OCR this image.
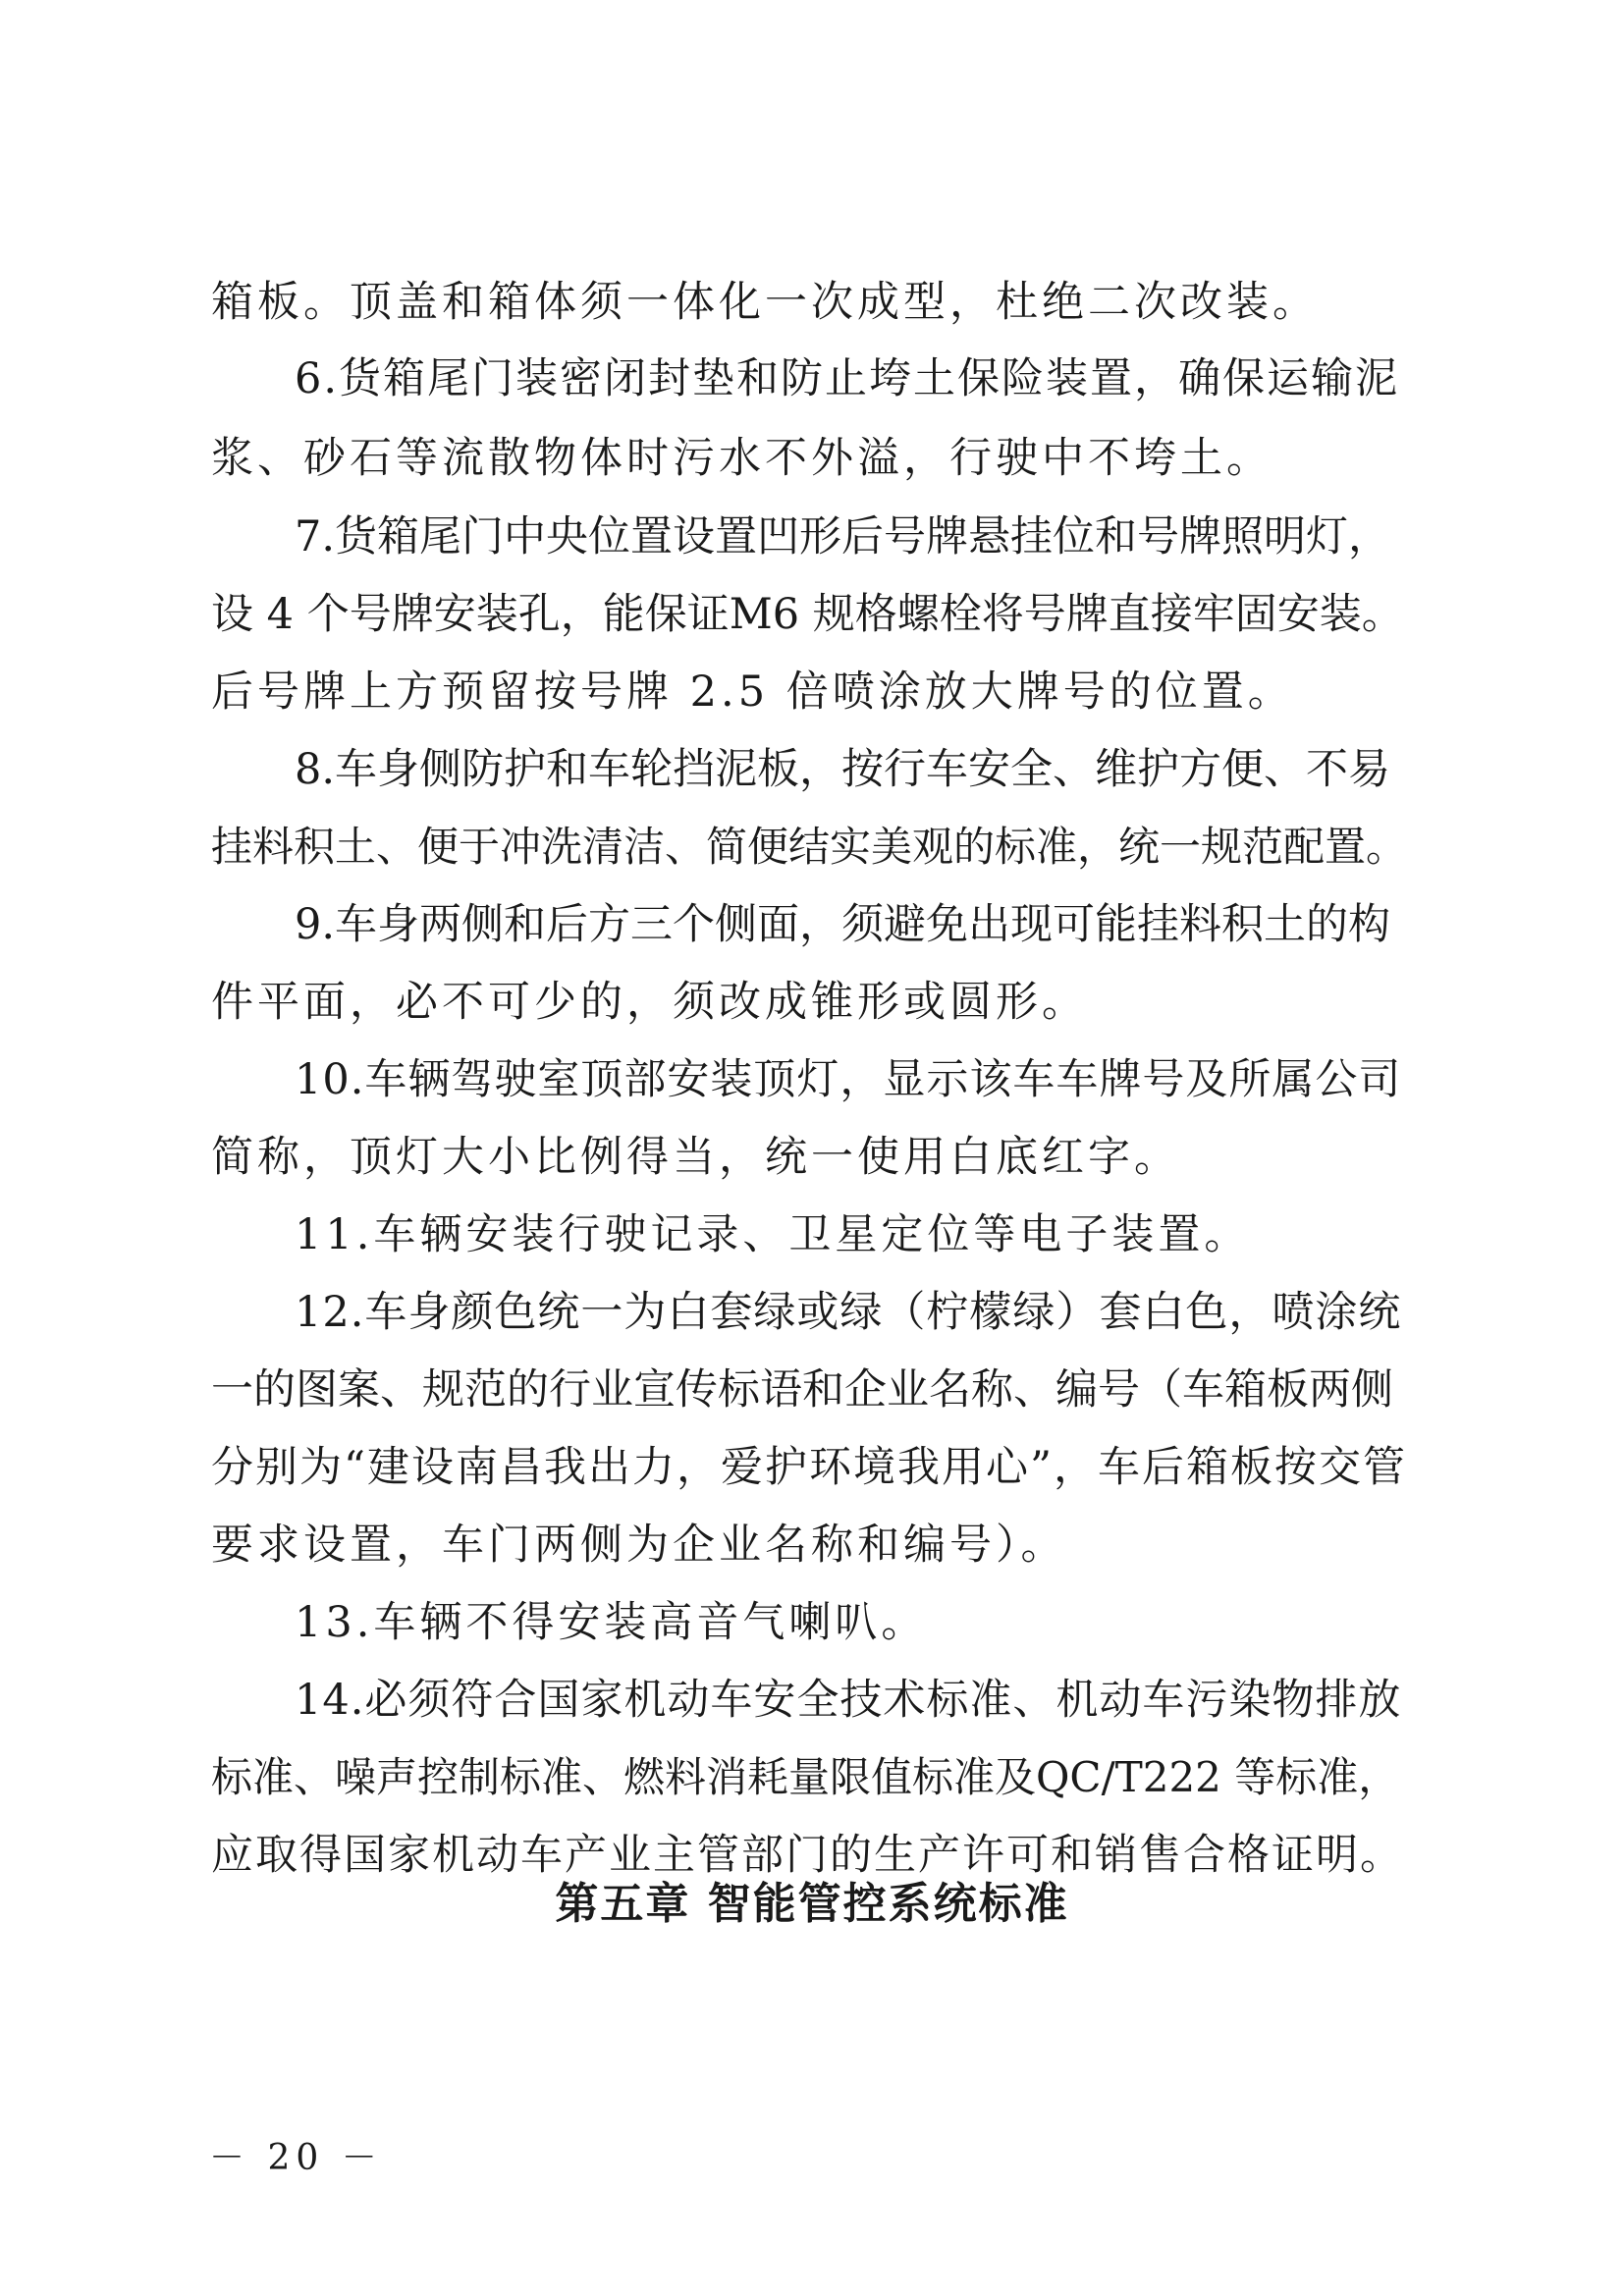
箱板。顶盖和箱体须一体化一次成型，杜绝二次改装。
6.货箱尾门装密闭封垫和防止垮土保险装置，确保运输泥
浆、砂石等流散物体时污水不外溢，行驶中不垮土。
7.货箱尾门中央位置设置凹形后号牌悬挂位和号牌照明灯，
设 4 个号牌安装孔，能保证M6 规格螺栓将号牌直接牢固安装。
后号牌上方预留按号牌 2.5 倍喷涂放大牌号的位置。
8.车身侧防护和车轮挡泥板，按行车安全、维护方便、不易
挂料积土、便于冲洗清洁、简便结实美观的标准，统一规范配置。
9.车身两侧和后方三个侧面，须避免出现可能挂料积土的构
件平面，必不可少的，须改成锥形或圆形。
10.车辆驾驶室顶部安装顶灯，显示该车车牌号及所属公司
简称，顶灯大小比例得当，统一使用白底红字。
11.车辆安装行驶记录、卫星定位等电子装置。
12.车身颜色统一为白套绿或绿（柠檬绿）套白色，喷涂统
一的图案、规范的行业宣传标语和企业名称、编号（车箱板两侧
分别为“建设南昌我出力，爱护环境我用心”，车后箱板按交管
要求设置，车门两侧为企业名称和编号）。
13.车辆不得安装高音气喇叭。
14.必须符合国家机动车安全技术标准、机动车污染物排放
标准、噪声控制标准、燃料消耗量限值标准及QC/T222 等标准，
应取得国家机动车产业主管部门的生产许可和销售合格证明。
第五章 智能管控系统标准
－ 20 －
